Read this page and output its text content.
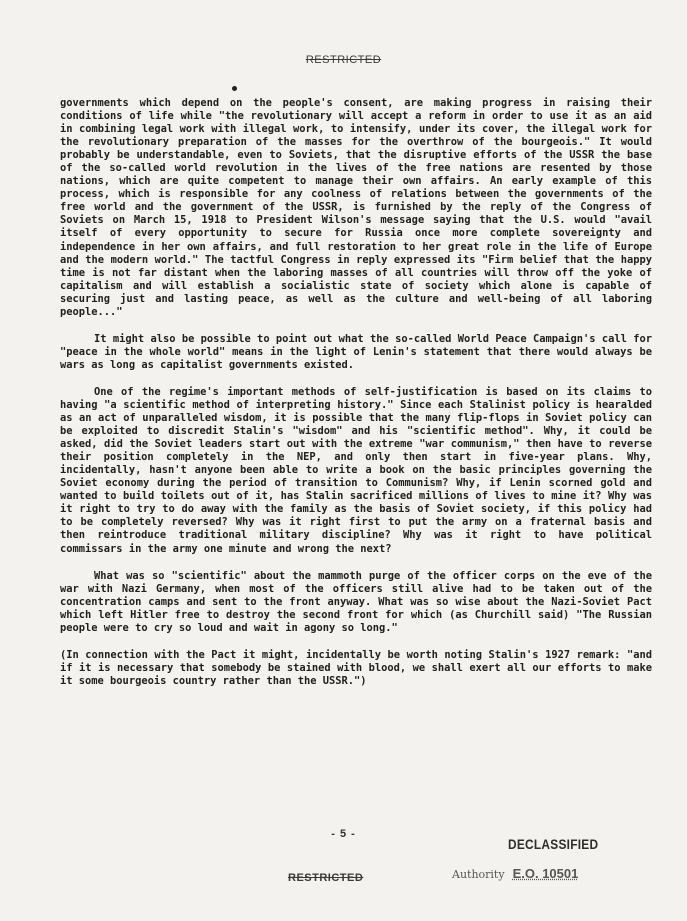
RESTRICTED

governments which depend on the people's consent, are making progress in raising their conditions of life while "the revolutionary will accept a reform in order to use it as an aid in combining legal work with illegal work, to intensify, under its cover, the illegal work for the revolutionary preparation of the masses for the overthrow of the bourgeois." It would probably be understandable, even to Soviets, that the disruptive efforts of the USSR the base of the so-called world revolution in the lives of the free nations are resented by those nations, which are quite competent to manage their own affairs. An early example of this process, which is responsible for any coolness of relations between the governments of the free world and the government of the USSR, is furnished by the reply of the Congress of Soviets on March 15, 1918 to President Wilson's message saying that the U.S. would "avail itself of every opportunity to secure for Russia once more complete sovereignty and independence in her own affairs, and full restoration to her great role in the life of Europe and the modern world." The tactful Congress in reply expressed its "Firm belief that the happy time is not far distant when the laboring masses of all countries will throw off the yoke of capitalism and will establish a socialistic state of society which alone is capable of securing just and lasting peace, as well as the culture and well-being of all laboring people..."

It might also be possible to point out what the so-called World Peace Campaign's call for "peace in the whole world" means in the light of Lenin's statement that there would always be wars as long as capitalist governments existed.

One of the regime's important methods of self-justification is based on its claims to having "a scientific method of interpreting history." Since each Stalinist policy is hearalded as an act of unparalleled wisdom, it is possible that the many flip-flops in Soviet policy can be exploited to discredit Stalin's "wisdom" and his "scientific method". Why, it could be asked, did the Soviet leaders start out with the extreme "war communism," then have to reverse their position completely in the NEP, and only then start in five-year plans. Why, incidentally, hasn't anyone been able to write a book on the basic principles governing the Soviet economy during the period of transition to Communism? Why, if Lenin scorned gold and wanted to build toilets out of it, has Stalin sacrificed millions of lives to mine it? Why was it right to try to do away with the family as the basis of Soviet society, if this policy had to be completely reversed? Why was it right first to put the army on a fraternal basis and then reintroduce traditional military discipline? Why was it right to have political commissars in the army one minute and wrong the next?

What was so "scientific" about the mammoth purge of the officer corps on the eve of the war with Nazi Germany, when most of the officers still alive had to be taken out of the concentration camps and sent to the front anyway. What was so wise about the Nazi-Soviet Pact which left Hitler free to destroy the second front for which (as Churchill said) "The Russian people were to cry so loud and wait in agony so long."

(In connection with the Pact it might, incidentally be worth noting Stalin's 1927 remark: "and if it is necessary that somebody be stained with blood, we shall exert all our efforts to make it some bourgeois country rather than the USSR.")

- 5 -
DECLASSIFIED
Authority E.O. 10501
RESTRICTED
